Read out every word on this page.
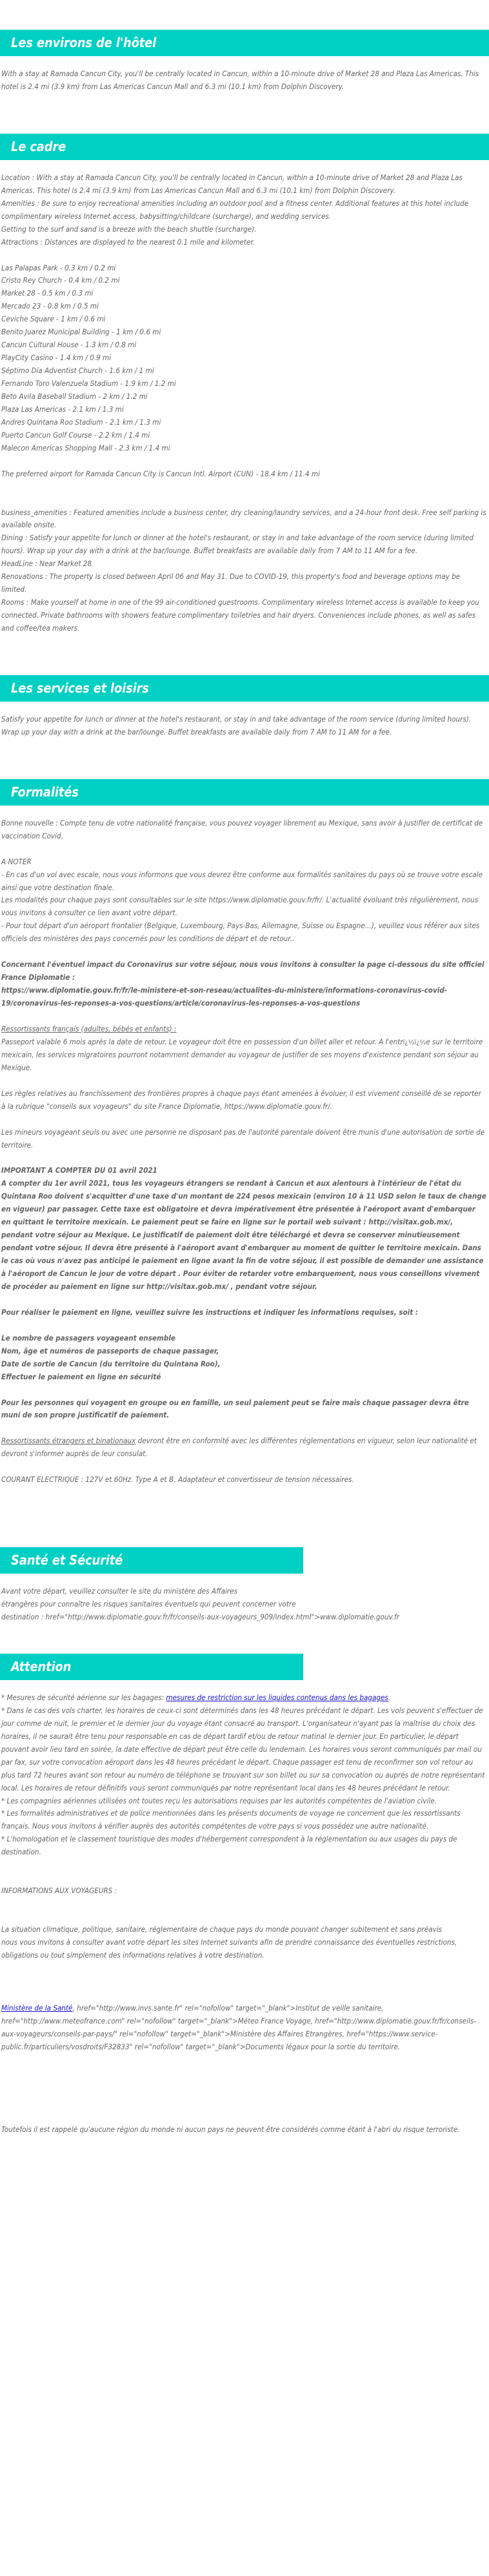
Les environs de l'hôtel

With a stay at Ramada Cancun City, you'll be centrally located in Cancun, within a 10-minute drive of Market 28 and Plaza Las Americas. This hotel is 2.4 mi (3.9 km) from Las Americas Cancun Mall and 6.3 mi (10.1 km) from Dolphin Discovery.

Le cadre

Location : With a stay at Ramada Cancun City, you'll be centrally located in Cancun, within a 10-minute drive of Market 28 and Plaza Las Americas. This hotel is 2.4 mi (3.9 km) from Las Americas Cancun Mall and 6.3 mi (10.1 km) from Dolphin Discovery.

Amenities : Be sure to enjoy recreational amenities including an outdoor pool and a fitness center. Additional features at this hotel include complimentary wireless Internet access, babysitting/childcare (surcharge), and wedding services.

Getting to the surf and sand is a breeze with the beach shuttle (surcharge).

Attractions : Distances are displayed to the nearest 0.1 mile and kilometer.

Las Palapas Park - 0.3 km / 0.2 mi

Cristo Rey Church - 0.4 km / 0.2 mi

Market 28 - 0.5 km / 0.3 mi

Mercado 23 - 0.8 km / 0.5 mi

Ceviche Square - 1 km / 0.6 mi

Benito Juarez Municipal Building - 1 km / 0.6 mi

Cancun Cultural House - 1.3 km / 0.8 mi

PlayCity Casino - 1.4 km / 0.9 mi

Séptimo Día Adventist Church - 1.6 km / 1 mi

Fernando Toro Valenzuela Stadium - 1.9 km / 1.2 mi

Beto Avila Baseball Stadium - 2 km / 1.2 mi

Plaza Las Americas - 2.1 km / 1.3 mi

Andres Quintana Roo Stadium - 2.1 km / 1.3 mi

Puerto Cancun Golf Course - 2.2 km / 1.4 mi

Malecon Americas Shopping Mall - 2.3 km / 1.4 mi

The preferred airport for Ramada Cancun City is Cancun Intl. Airport (CUN) - 18.4 km / 11.4 mi

business_amenities : Featured amenities include a business center, dry cleaning/laundry services, and a 24-hour front desk. Free self parking is available onsite.

Dining : Satisfy your appetite for lunch or dinner at the hotel's restaurant, or stay in and take advantage of the room service (during limited hours). Wrap up your day with a drink at the bar/lounge. Buffet breakfasts are available daily from 7 AM to 11 AM for a fee.

HeadLine : Near Market 28

Renovations : The property is closed between April 06 and May 31. Due to COVID-19, this property's food and beverage options may be limited.

Rooms : Make yourself at home in one of the 99 air-conditioned guestrooms. Complimentary wireless Internet access is available to keep you connected. Private bathrooms with showers feature complimentary toiletries and hair dryers. Conveniences include phones, as well as safes and coffee/tea makers.

Les services et loisirs

Satisfy your appetite for lunch or dinner at the hotel's restaurant, or stay in and take advantage of the room service (during limited hours). Wrap up your day with a drink at the bar/lounge. Buffet breakfasts are available daily from 7 AM to 11 AM for a fee.

Formalités

Bonne nouvelle : Compte tenu de votre nationalité française, vous pouvez voyager librement au Mexique, sans avoir à justifier de certificat de vaccination Covid.

A NOTER

- En cas d'un vol avec escale, nous vous informons que vous devrez être conforme aux formalités sanitaires du pays où se trouve votre escale ainsi que votre destination finale.

Les modalités pour chaque pays sont consultables sur le site https://www.diplomatie.gouv.fr/fr/. L'actualité évoluant très régulièrement, nous vous invitons à consulter ce lien avant votre départ.

- Pour tout départ d'un aéroport frontalier (Belgique, Luxembourg, Pays-Bas, Allemagne, Suisse ou Espagne...), veuillez vous référer aux sites officiels des ministères des pays concernés pour les conditions de départ et de retour..

Concernant l'éventuel impact du Coronavirus sur votre séjour, nous vous invitons à consulter la page ci-dessous du site officiel France Diplomatie :

https://www.diplomatie.gouv.fr/fr/le-ministere-et-son-reseau/actualites-du-ministere/informations-coronavirus-covid-19/coronavirus-les-reponses-a-vos-questions/article/coronavirus-les-reponses-a-vos-questions

Ressortissants français (adultes, bébés et enfants) :

Passeport valable 6 mois après la date de retour. Le voyageur doit être en possession d'un billet aller et retour. A l'entrï¿½ï¿½e sur le territoire mexicain, les services migratoires pourront notamment demander au voyageur de justifier de ses moyens d'existence pendant son séjour au Mexique.

Les règles relatives au franchissement des frontières propres à chaque pays étant amenées à évoluer, il est vivement conseillé de se reporter à la rubrique "conseils aux voyageurs" du site France Diplomatie, https://www.diplomatie.gouv.fr/.

Les mineurs voyageant seuls ou avec une personne ne disposant pas de l'autorité parentale doivent être munis d'une autorisation de sortie de territoire.

IMPORTANT A COMPTER DU 01 avril 2021

A compter du 1er avril 2021, tous les voyageurs étrangers se rendant à Cancun et aux alentours à l'intérieur de l'état du Quintana Roo doivent s'acquitter d'une taxe d'un montant de 224 pesos mexicain (environ 10 à 11 USD selon le taux de change en vigueur) par passager. Cette taxe est obligatoire et devra impérativement être présentée à l'aéroport avant d'embarquer en quittant le territoire mexicain. Le paiement peut se faire en ligne sur le portail web suivant : http://visitax.gob.mx/, pendant votre séjour au Mexique. Le justificatif de paiement doit être téléchargé et devra se conserver minutieusement pendant votre séjour. Il devra être présenté à l'aéroport avant d'embarquer au moment de quitter le territoire mexicain. Dans le cas où vous n'avez pas anticipé le paiement en ligne avant la fin de votre séjour, il est possible de demander une assistance à l'aéroport de Cancun le jour de votre départ . Pour éviter de retarder votre embarquement, nous vous conseillons vivement de procéder au paiement en ligne sur http://visitax.gob.mx/ , pendant votre séjour.

Pour réaliser le paiement en ligne, veuillez suivre les instructions et indiquer les informations requises, soit :

Le nombre de passagers voyageant ensemble

Nom, âge et numéros de passeports de chaque passager,

Date de sortie de Cancun (du territoire du Quintana Roo),

Effectuer le paiement en ligne en sécurité

Pour les personnes qui voyagent en groupe ou en famille, un seul paiement peut se faire mais chaque passager devra être muni de son propre justificatif de paiement.

Ressortissants étrangers et binationaux devront être en conformité avec les différentes réglementations en vigueur, selon leur nationalité et devront s'informer auprès de leur consulat.

COURANT ELECTRIQUE : 127V et 60Hz. Type A et B. Adaptateur et convertisseur de tension nécessaires.

Santé et Sécurité

Avant votre départ, veuillez consulter le site du ministère des Affaires

étrangères pour connaître les risques sanitaires éventuels qui peuvent concerner votre

destination : href="http://www.diplomatie.gouv.fr/fr/conseils-aux-voyageurs_909/index.html">www.diplomatie.gouv.fr

Attention

* Mesures de sécurité aérienne sur les bagages: mesures de restriction sur les liquides contenus dans les bagages.

* Dans le cas des vols charter, les horaires de ceux-ci sont déterminés dans les 48 heures précédant le départ. Les vols peuvent s'effectuer de jour comme de nuit, le premier et le dernier jour du voyage étant consacré au transport. L'organisateur n'ayant pas la maîtrise du choix des horaires, il ne saurait être tenu pour responsable en cas de départ tardif et/ou de retour matinal le dernier jour. En particulier, le départ pouvant avoir lieu tard en soirée, la date effective de départ peut être celle du lendemain. Les horaires vous seront communiqués par mail ou par fax, sur votre convocation aéroport dans les 48 heures précédant le départ. Chaque passager est tenu de reconfirmer son vol retour au plus tard 72 heures avant son retour au numéro de téléphone se trouvant sur son billet ou sur sa convocation ou auprés de notre représentant local. Les horaires de retour définitifs vous seront communiqués par notre représentant local dans les 48 heures précédant le retour.

* Les compagnies aériennes utilisées ont toutes reçu les autorisations requises par les autorités compétentes de l'aviation civile.

* Les formalités administratives et de police mentionnées dans les présents documents de voyage ne concernent que les ressortissants français. Nous vous invitons à vérifier auprès des autorités compétentes de votre pays si vous possédez une autre nationalité.

* L'homologation et le classement touristique des modes d'hébergement correspondent à la réglementation ou aux usages du pays de destination.

INFORMATIONS AUX VOYAGEURS :

La situation climatique, politique, sanitaire, réglementaire de chaque pays du monde pouvant changer subitement et sans préavis

nous vous invitons à consulter avant votre départ les sites Internet suivants afin de prendre connaissance des éventuelles restrictions, obligations ou tout simplement des informations relatives à votre destination.

Ministère de la Santé, href="http://www.invs.sante.fr" rel="nofollow" target="_blank">Institut de veille sanitaire, href="http://www.meteofrance.com" rel="nofollow" target="_blank">Méteo France Voyage, href="http://www.diplomatie.gouv.fr/fr/conseils-aux-voyageurs/conseils-par-pays/" rel="nofollow" target="_blank">Ministère des Affaires Etrangères, href="https://www.service-public.fr/particuliers/vosdroits/F32833" rel="nofollow" target="_blank">Documents légaux pour la sortie du territoire.

Toutefois il est rappelé qu'aucune région du monde ni aucun pays ne peuvent être considérés comme étant à l'abri du risque terroriste.
